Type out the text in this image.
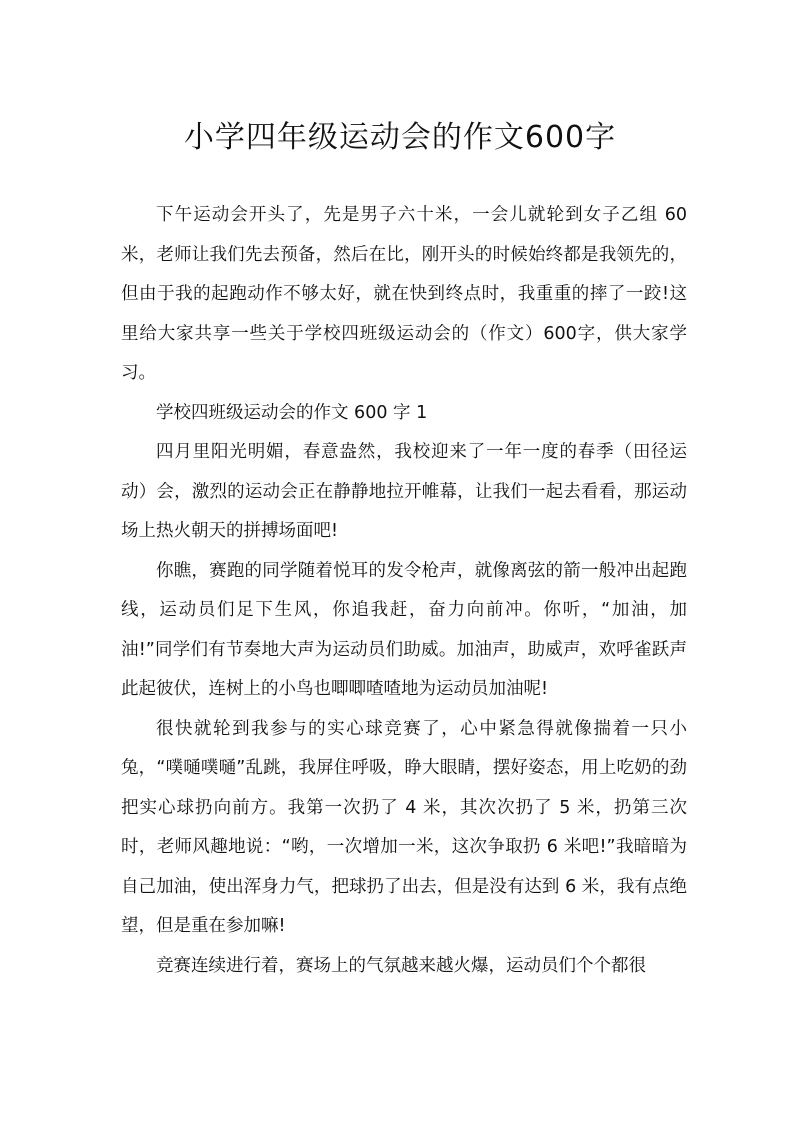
小学四年级运动会的作文600字

下午运动会开头了，先是男子六十米，一会儿就轮到女子乙组 60 米，老师让我们先去预备，然后在比，刚开头的时候始终都是我领先的，但由于我的起跑动作不够太好，就在快到终点时，我重重的摔了一跤!这里给大家共享一些关于学校四班级运动会的（作文）600字，供大家学习。

学校四班级运动会的作文 600 字 1

四月里阳光明媚，春意盎然，我校迎来了一年一度的春季（田径运动）会，激烈的运动会正在静静地拉开帷幕，让我们一起去看看，那运动场上热火朝天的拼搏场面吧!

你瞧，赛跑的同学随着悦耳的发令枪声，就像离弦的箭一般冲出起跑线，运动员们足下生风，你追我赶，奋力向前冲。你听，“加油，加油!”同学们有节奏地大声为运动员们助威。加油声，助威声，欢呼雀跃声此起彼伏，连树上的小鸟也唧唧喳喳地为运动员加油呢!

很快就轮到我参与的实心球竞赛了，心中紧急得就像揣着一只小兔，“噗嗵噗嗵”乱跳，我屏住呼吸，睁大眼睛，摆好姿态，用上吃奶的劲把实心球扔向前方。我第一次扔了 4 米，其次次扔了 5 米，扔第三次时，老师风趣地说：“哟，一次增加一米，这次争取扔 6 米吧!”我暗暗为自己加油，使出浑身力气，把球扔了出去，但是没有达到 6 米，我有点绝望，但是重在参加嘛!

竞赛连续进行着，赛场上的气氛越来越火爆，运动员们个个都很
